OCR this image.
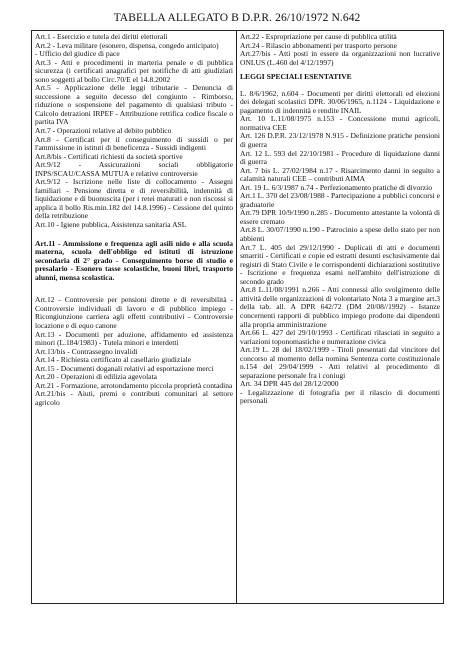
TABELLA ALLEGATO B D.P.R. 26/10/1972 N.642

Art.1 - Esercizio e tutela dei diritti elettorali

Art.2 - Leva militare (esonero, dispensa, congedo anticipato)

- Ufficio del giudice di pace

Art.3 - Atti e procedimenti in marteria penale e di pubblica sicurezza (i certificati anagrafici per notifiche di atti giudiziari sono soggetti al bollo Circ.70/E el 14.8.2002

Art.5 - Applicazione delle leggi tributarie - Denuncia di successione a seguito decesso del congiunto - Rimborso, riduzione o sospensione del pagamento di qualsiasi tributo - Calcolo detrazioni IRPEF - Attribuzione rettifica codice fiscale o partita IVA

Art.7 - Operazioni relative al debito pubblico

Art.8 - Certificati per il conseguimento di sussidi o per l'ammissione in istituti di beneficenza - Sussidi indigenti

Art.8/bis - Certificati richiesti da società sportive

Art.9/12 - Assicurazioni sociali obbligatorie INPS/SCAU/CASSA MUTUA e relative controversie

Art.9/12 - Iscrizione nelle liste di collocamento - Assegni familiari - Pensione diretta e di reversibilità, indennità di liquidazione e di buonuscita (per i retei maturati e non riscossi si applica il bollo Ris.min.182 del 14.8.1996) - Cessione del quinto della retribuzione

Art.10 - Igiene pubblica, Assistenza sanitaria ASL

Art.11 - Ammissione e frequenza agli asili nido e alla scuola materna, scuola dell'obbligo ed istituti di istruzione secondaria di 2° grado - Conseguimento borse di studio e presalario - Esonero tasse scolastiche, buoni libri, trasporto alunni, mensa scolastica.

Art.12 - Controversie per pensioni dirette e di reversibilità - Controversie individuali di lavoro e di pubblico impiego - Ricongiunzione carriera agli effetti contributivi - Controversie locazione e di equo canone

Art.13 - Documenti per adozione, affidamento ed assistenza minori (L.184/1983) - Tutela minori e interdetti

Art.13/bis - Contrassegno invalidi

Art.14 - Richiesta certificato al casellario giudiziale

Art.15 - Documenti doganali relativi ad esportazione merci

Art.20 - Operazioni di edilizia agevolata

Art.21 - Formazione, arrotondamento piccola proprietà contadina

Art.21/bis - Aiuti, premi e contributi comunitari al settore agricolo

Art.22 - Espropriazione per cause di pubblica utilità

Art.24 - Rilascio abbonamenti per trasporto persone

Art.27/bis - Atti posti in essere da organizzazioni non lucrative ONLUS (L.460 del 4/12/1997)

LEGGI SPECIALI ESENTATIVE

L. 8/6/1962, n.604 - Documenti per diritti elettorali ed elezioni dei delegati scolastici DPR. 30/06/1965, n.1124 - Liquidazione e pagamento di indennità e rendite INAIL

Art. 10 L.11/08/1975 n.153 - Concessione mutui agricoli, normativa CEE

Art. 126 D.P.R. 23/12/1978 N.915 - Definizione pratiche pensioni di guerra

Art. 12 L. 593 del 22/10/1981 - Procedure di liquidazione danni di guerra

Art. 7 bis L. 27/02/1984 n.17 - Risarcimento danni in seguito a calamità naturali CEE – contributi AIMA

Art. 19 L. 6/3/1987 n.74 - Perfezionamento pratiche di divorzio

Art.1 L. 370 del 23/08/1988 - Partecipazione a pubblici concorsi e graduatorie

Art.79 DPR 10/9/1990 n.285 - Documento attestante la volontà di essere cremato

Art.8 L. 30/07/1990 n.190 - Patrocinio a spese dello stato per non abbienti

Art.7 L. 405 del 29/12/1990 - Duplicati di atti e documenti smarriti - Certificati e copie ed estratti desunti esclusivamente dai registri di Stato Civile e le corrispondenti dichiarazioni sostitutive - Iscrizione e frequenza esami nell'ambito dell'istruzione di secondo grado

Art.8 L.11/08/1991 n.266 - Atti connessi allo svolgimento delle attività delle organizzazioni di volontariato Nota 3 a margine art.3 della tab. all. A DPR 642/72 (DM 20/08//1992) - Istanze concernenti rapporti di pubblico impiego prodotte dai dipendenti alla propria amministrazione

Art.66 L. 427 del 29/10/1993 - Certificati rilasciati in seguito a variazioni toponomastiche e numerazione civica

Art.19 L. 28 del 18/02/1999 - Titoli presentati dal vincitore del concorso al momento della nomina Sentenza corte costituzionale n.154 del 29/04/1999 - Atti relativi al procedimento di separazione personale fra i coniugi

Art. 34 DPR 445 del 28/12/2000

- Legalizzazione di fotografia per il rilascio di documenti personali
